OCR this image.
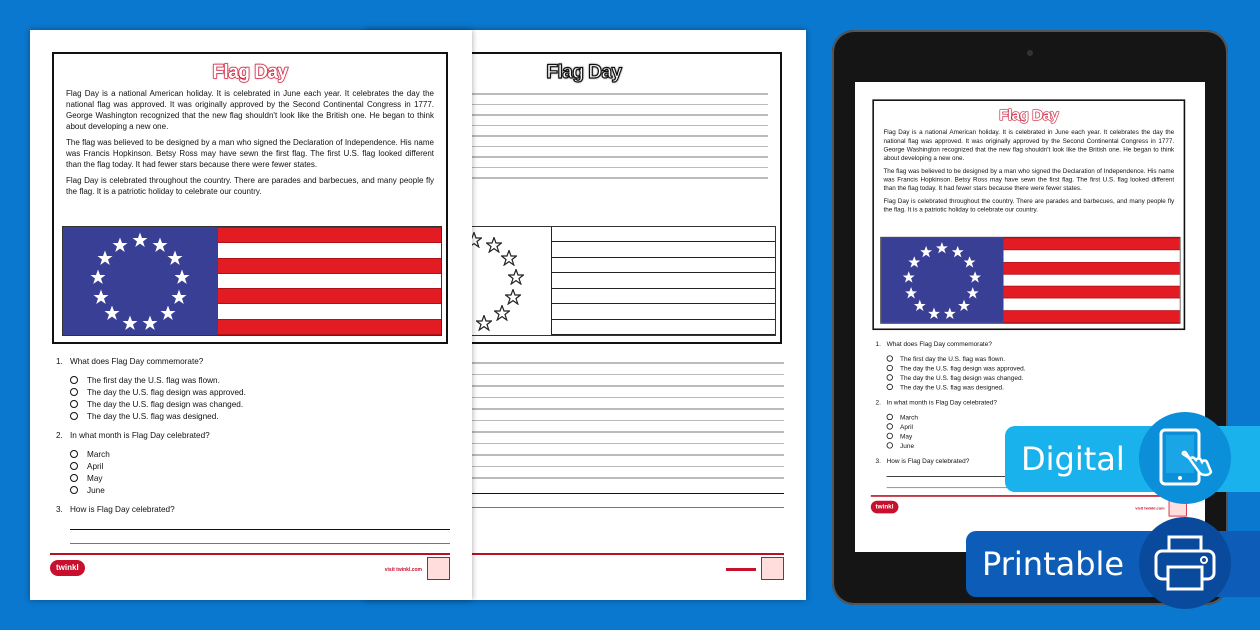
Flag Day
Flag Day

Flag Day is a national American holiday. It is celebrated in June each year. It celebrates the day the national flag was approved. It was originally approved by the Second Continental Congress in 1777. George Washington recognized that the new flag shouldn't look like the British one. He began to think about developing a new one.

The flag was believed to be designed by a man who signed the Declaration of Independence. His name was Francis Hopkinson. Betsy Ross may have sewn the first flag. The first U.S. flag looked different than the flag today. It had fewer stars because there were fewer states.

Flag Day is celebrated throughout the country. There are parades and barbecues, and many people fly the flag. It is a patriotic holiday to celebrate our country.

1. What does Flag Day commemorate?
The first day the U.S. flag was flown.
The day the U.S. flag design was approved.
The day the U.S. flag design was changed.
The day the U.S. flag was designed.
2. In what month is Flag Day celebrated?
March
April
May
June
3. How is Flag Day celebrated?
twinkl	visit twinkl.com
Flag Day

Flag Day is a national American holiday. It is celebrated in June each year. It celebrates the day the national flag was approved. It was originally approved by the Second Continental Congress in 1777. George Washington recognized that the new flag shouldn't look like the British one. He began to think about developing a new one.

The flag was believed to be designed by a man who signed the Declaration of Independence. His name was Francis Hopkinson. Betsy Ross may have sewn the first flag. The first U.S. flag looked different than the flag today. It had fewer stars because there were fewer states.

Flag Day is celebrated throughout the country. There are parades and barbecues, and many people fly the flag. It is a patriotic holiday to celebrate our country.

1. What does Flag Day commemorate?
The first day the U.S. flag was flown.
The day the U.S. flag design was approved.
The day the U.S. flag design was changed.
The day the U.S. flag was designed.
2. In what month is Flag Day celebrated?
March
April
May
June
3. How is Flag Day celebrated?
twinkl	visit twinkl.com
Digital
Printable
